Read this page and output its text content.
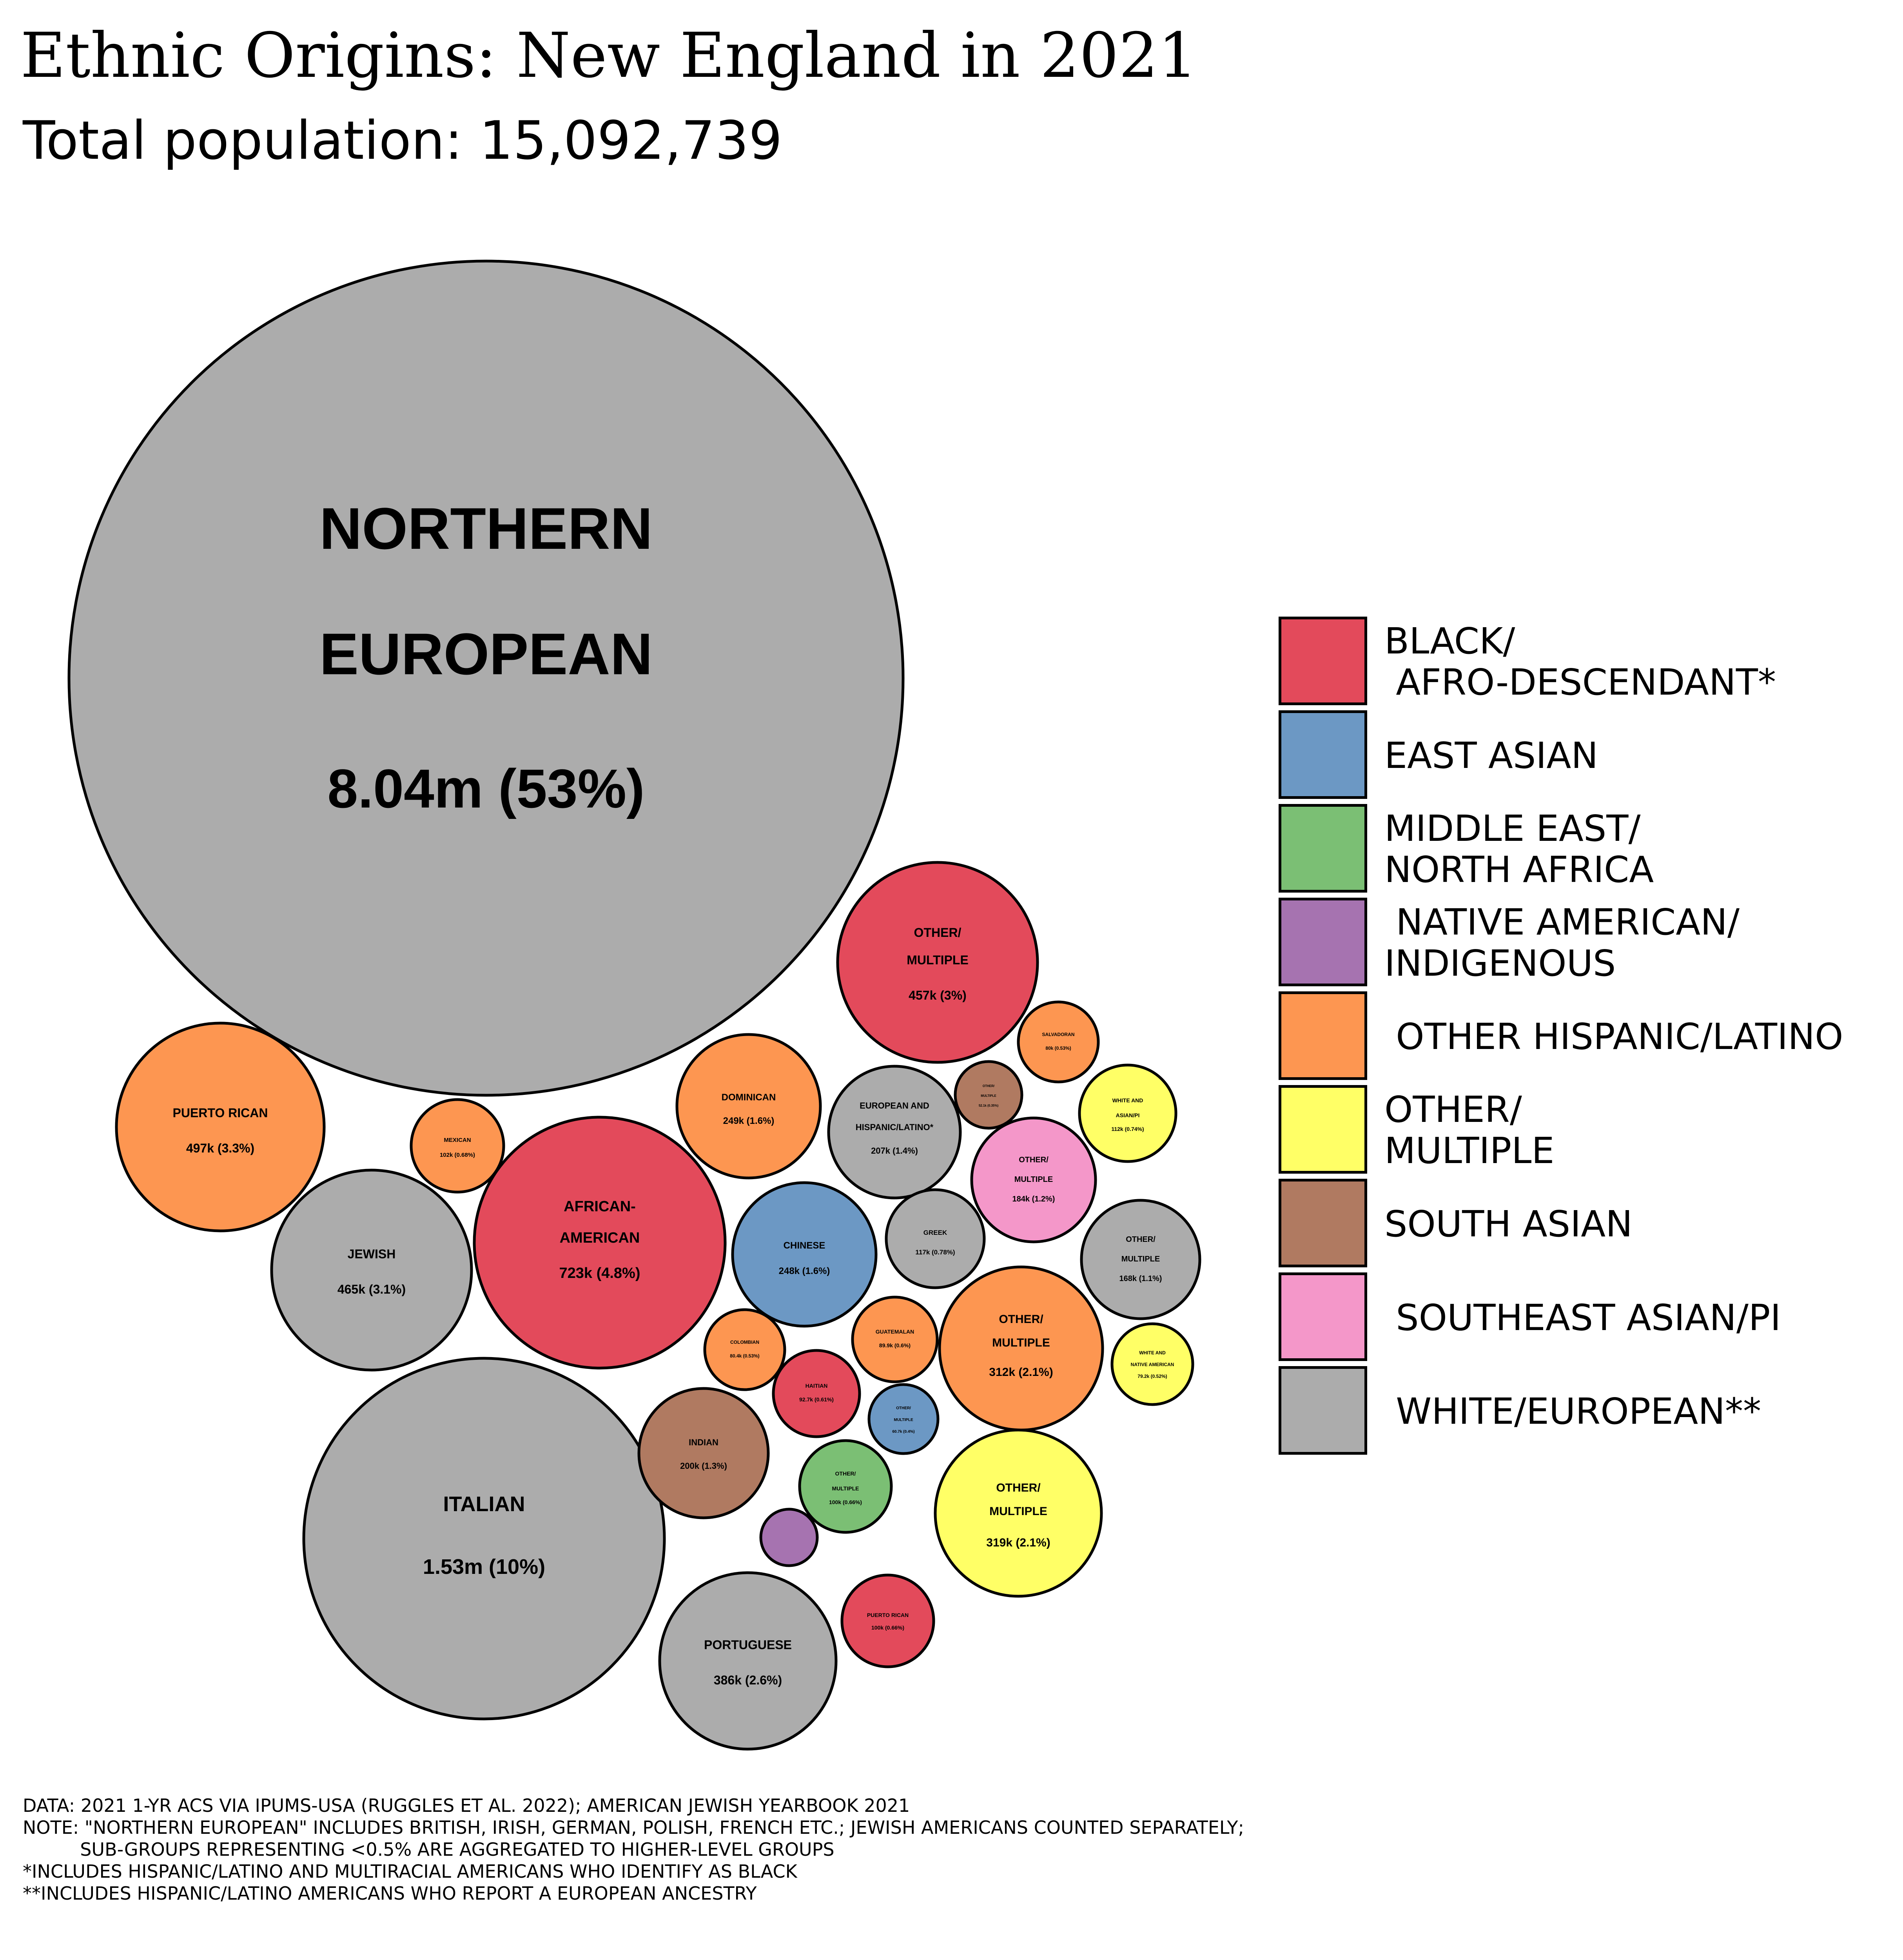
Ethnic Origins: New England in 2021
Total population: 15,092,739
NORTHERN
EUROPEAN
8.04m (53%)
ITALIAN
1.53m (10%)
AFRICAN-
AMERICAN
723k (4.8%)
PUERTO RICAN
497k (3.3%)
JEWISH
465k (3.1%)
OTHER/
MULTIPLE
457k (3%)
PORTUGUESE
386k (2.6%)
OTHER/
MULTIPLE
319k (2.1%)
OTHER/
MULTIPLE
312k (2.1%)
DOMINICAN
249k (1.6%)
CHINESE
248k (1.6%)
EUROPEAN AND
HISPANIC/LATINO*
207k (1.4%)
INDIAN
200k (1.3%)
OTHER/
MULTIPLE
184k (1.2%)
OTHER/
MULTIPLE
168k (1.1%)
GREEK
117k (0.78%)
WHITE AND
ASIAN/PI
112k (0.74%)
MEXICAN
102k (0.68%)
OTHER/
MULTIPLE
100k (0.66%)
PUERTO RICAN
100k (0.66%)
HAITIAN
92.7k (0.61%)
GUATEMALAN
89.9k (0.6%)
COLOMBIAN
80.4k (0.53%)
SALVADORAN
80k (0.53%)
WHITE AND
NATIVE AMERICAN
79.2k (0.52%)
OTHER/
MULTIPLE
60.7k (0.4%)
OTHER/
MULTIPLE
52.1k (0.35%)
BLACK/
AFRO-DESCENDANT*
EAST ASIAN
MIDDLE EAST/
NORTH AFRICA
NATIVE AMERICAN/
INDIGENOUS
OTHER HISPANIC/LATINO
OTHER/
MULTIPLE
SOUTH ASIAN
SOUTHEAST ASIAN/PI
WHITE/EUROPEAN**
DATA: 2021 1-YR ACS VIA IPUMS-USA (RUGGLES ET AL. 2022); AMERICAN JEWISH YEARBOOK 2021
NOTE: "NORTHERN EUROPEAN" INCLUDES BRITISH, IRISH, GERMAN, POLISH, FRENCH ETC.; JEWISH AMERICANS COUNTED SEPARATELY;
SUB-GROUPS REPRESENTING <0.5% ARE AGGREGATED TO HIGHER-LEVEL GROUPS
*INCLUDES HISPANIC/LATINO AND MULTIRACIAL AMERICANS WHO IDENTIFY AS BLACK
**INCLUDES HISPANIC/LATINO AMERICANS WHO REPORT A EUROPEAN ANCESTRY
